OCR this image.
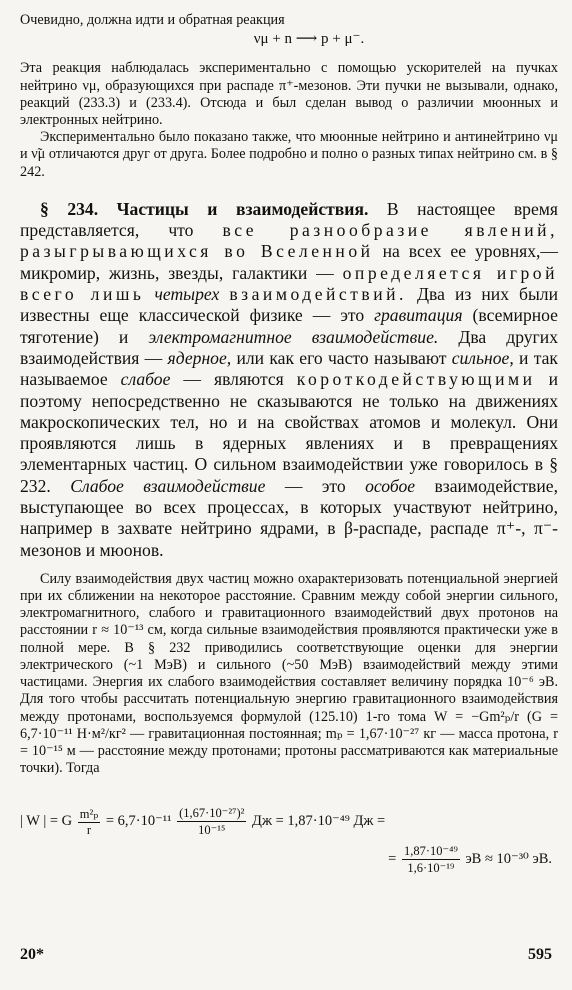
Очевидно, должна идти и обратная реакция

νμ + n ⟶ p + μ⁻.

Эта реакция наблюдалась экспериментально с помощью ускорителей на пучках нейтрино νμ, образующихся при распаде π⁺-мезонов. Эти пучки не вызывали, однако, реакций (233.3) и (233.4). Отсюда и был сделан вывод о различии мюонных и электронных нейтрино.

Экспериментально было показано также, что мюонные нейтрино и антинейтрино νμ и ν̃μ отличаются друг от друга. Более подробно и полно о разных типах нейтрино см. в § 242.

§ 234. Частицы и взаимодействия. В настоящее время представляется, что все разнообразие явлений, разыгрывающихся во Вселенной на всех ее уровнях,— микромир, жизнь, звезды, галактики — определяется игрой всего лишь четырех взаимодействий. Два из них были известны еще классической физике — это гравитация (всемирное тяготение) и электромагнитное взаимодействие. Два других взаимодействия — ядерное, или как его часто называют сильное, и так называемое слабое — являются короткодействующими и поэтому непосредственно не сказываются не только на движениях макроскопических тел, но и на свойствах атомов и молекул. Они проявляются лишь в ядерных явлениях и в превращениях элементарных частиц. О сильном взаимодействии уже говорилось в § 232. Слабое взаимодействие — это особое взаимодействие, выступающее во всех процессах, в которых участвуют нейтрино, например в захвате нейтрино ядрами, в β-распаде, распаде π⁺-, π⁻-мезонов и мюонов.

Силу взаимодействия двух частиц можно охарактеризовать потенциальной энергией при их сближении на некоторое расстояние. Сравним между собой энергии сильного, электромагнитного, слабого и гравитационного взаимодействий двух протонов на расстоянии r ≈ 10⁻¹³ см, когда сильные взаимодействия проявляются практически уже в полной мере. В § 232 приводились соответствующие оценки для энергии электрического (~1 МэВ) и сильного (~50 МэВ) взаимодействий между этими частицами. Энергия их слабого взаимодействия составляет величину порядка 10⁻⁶ эВ. Для того чтобы рассчитать потенциальную энергию гравитационного взаимодействия между протонами, воспользуемся формулой (125.10) 1-го тома W = −Gm²ₚ/r (G = 6,7·10⁻¹¹ Н·м²/кг² — гравитационная постоянная; mₚ = 1,67·10⁻²⁷ кг — масса протона, r = 10⁻¹⁵ м — расстояние между протонами; протоны рассматриваются как материальные точки). Тогда

| W | = G $\frac{\text{m²ₚ}}{r} = 6,7\cdot 10^{-11} \frac{\text{(1,67·10⁻²⁷)²}}{\text{10⁻¹⁵}}$ Дж = 1,87·10⁻⁴⁹ Дж =
= $\frac{\text{1,87·10⁻⁴⁹}}{\text{1,6·10⁻¹⁹}}$ эВ ≈ 10⁻³⁰ эВ.
20*	595
